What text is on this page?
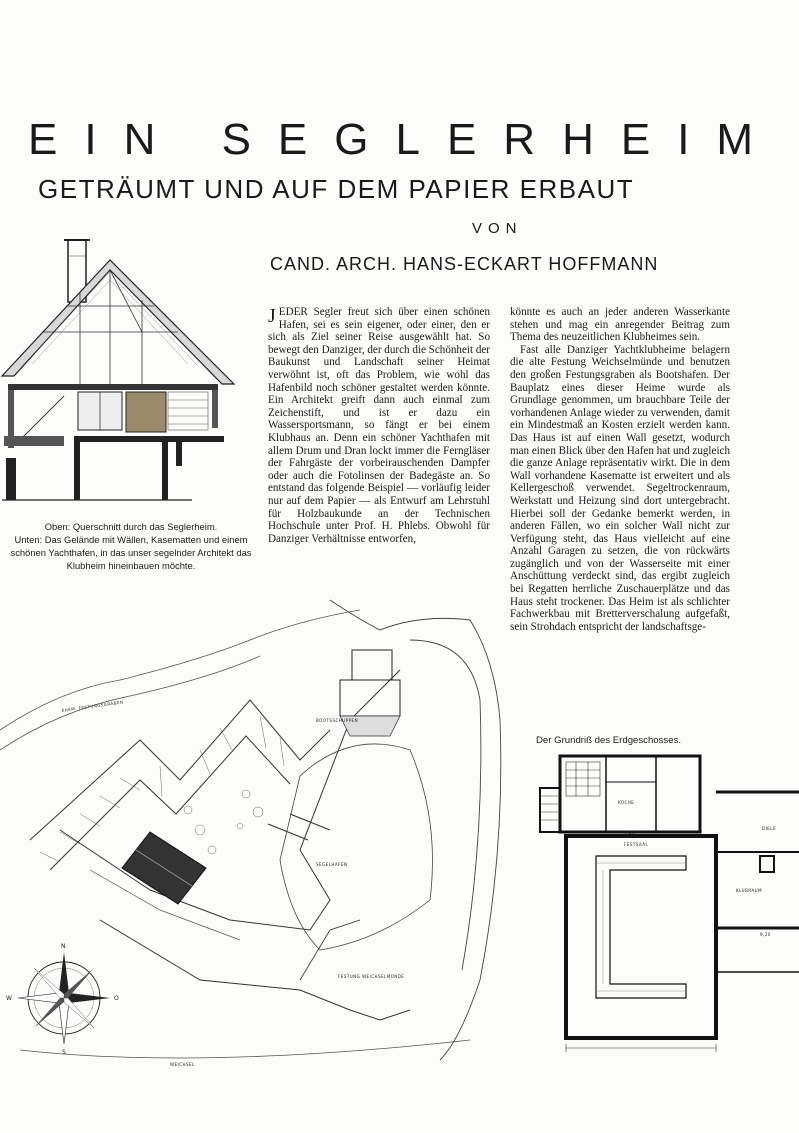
EIN SEGLERHEIM
GETRÄUMT UND AUF DEM PAPIER ERBAUT
VON
CAND. ARCH. HANS-ECKART HOFFMANN

Oben: Querschnitt durch das Seglerheim.

Unten: Das Gelände mit Wällen, Kasematten und einem schönen Yachthafen, in das unser segelnder Architekt das Klubheim hineinbauen möchte.

JEDER Segler freut sich über einen schönen Hafen, sei es sein eigener, oder einer, den er sich als Ziel seiner Reise ausgewählt hat. So bewegt den Danziger, der durch die Schönheit der Baukunst und Landschaft seiner Heimat verwöhnt ist, oft das Problem, wie wohl das Hafenbild noch schöner gestaltet werden könnte. Ein Architekt greift dann auch einmal zum Zeichenstift, und ist er dazu ein Wassersportsmann, so fängt er bei einem Klubhaus an. Denn ein schöner Yachthafen mit allem Drum und Dran lockt immer die Ferngläser der Fahrgäste der vorbeirauschenden Dampfer oder auch die Fotolinsen der Badegäste an. So entstand das folgende Beispiel — vorläufig leider nur auf dem Papier — als Entwurf am Lehrstuhl für Holzbaukunde an der Technischen Hochschule unter Prof. H. Phlebs. Obwohl für Danziger Verhältnisse entworfen,

könnte es auch an jeder anderen Wasserkante stehen und mag ein anregender Beitrag zum Thema des neuzeitlichen Klubheimes sein.

Fast alle Danziger Yachtklubheime belagern die alte Festung Weichselmünde und benutzen den großen Festungsgraben als Bootshafen. Der Bauplatz eines dieser Heime wurde als Grundlage genommen, um brauchbare Teile der vorhandenen Anlage wieder zu verwenden, damit ein Mindestmaß an Kosten erzielt werden kann. Das Haus ist auf einen Wall gesetzt, wodurch man einen Blick über den Hafen hat und zugleich die ganze Anlage repräsentativ wirkt. Die in dem Wall vorhandene Kasematte ist erweitert und als Kellergeschoß verwendet. Segeltrockenraum, Werkstatt und Heizung sind dort untergebracht. Hierbei soll der Gedanke bemerkt werden, in anderen Fällen, wo ein solcher Wall nicht zur Verfügung steht, das Haus vielleicht auf eine Anzahl Garagen zu setzen, die von rückwärts zugänglich und von der Wasserseite mit einer Anschüttung verdeckt sind, das ergibt zugleich bei Regatten herrliche Zuschauerplätze und das Haus steht trockener. Das Heim ist als schlichter Fachwerkbau mit Bretterverschalung aufgefaßt, sein Strohdach entspricht der landschaftsge-

EHEM. FESTUNGSGRABEN
BOOTSSCHUPPEN
SEGELHAFEN
FESTUNG WEICHSELMÜNDE
WEICHSEL
N
S
W	O
Der Grundriß des Erdgeschosses.
KÜCHE
FESTSAAL
7,30
DIELE
KLUBRAUM
9,20
